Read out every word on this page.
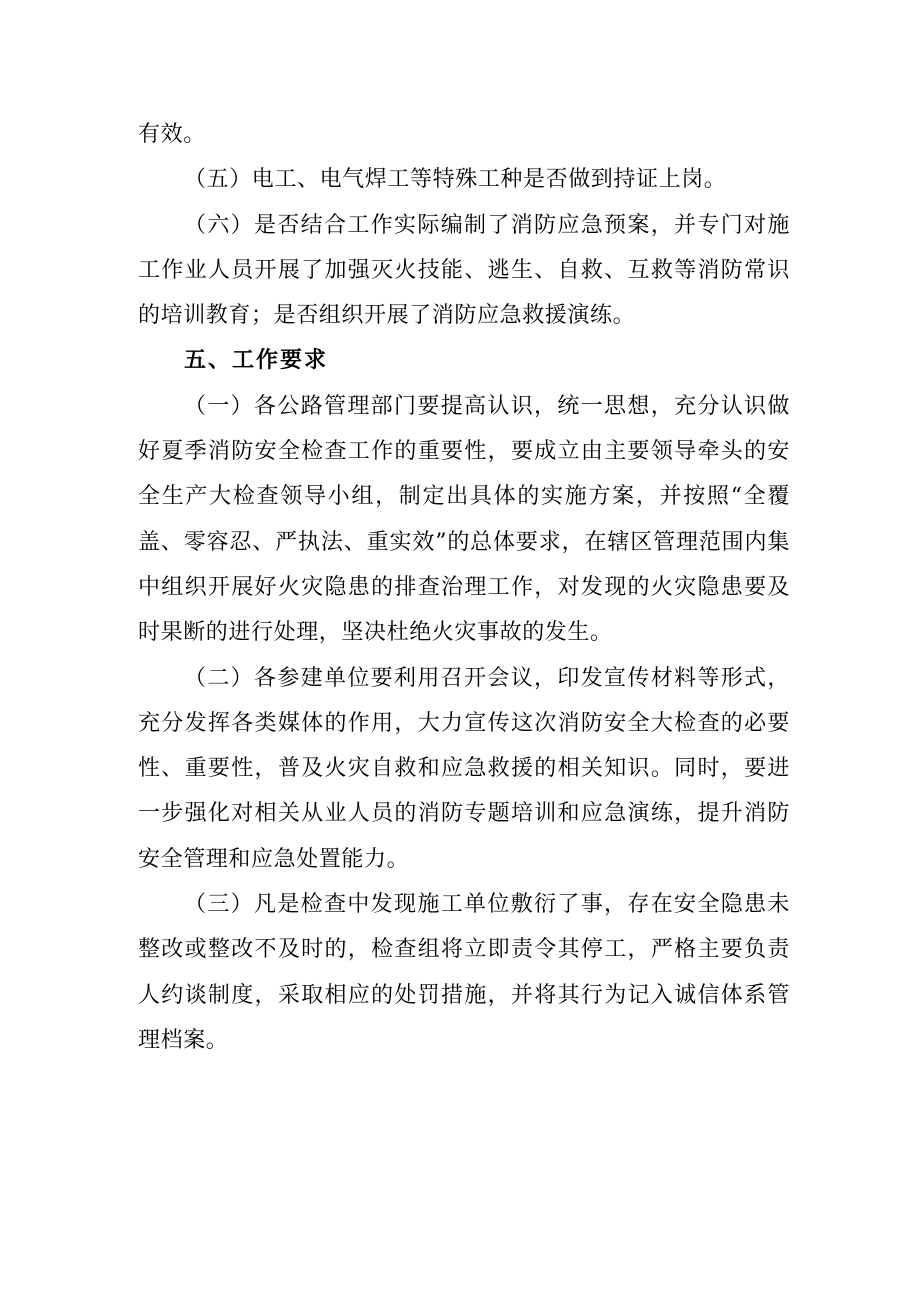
有效。

（五）电工、电气焊工等特殊工种是否做到持证上岗。

（六）是否结合工作实际编制了消防应急预案，并专门对施工作业人员开展了加强灭火技能、逃生、自救、互救等消防常识的培训教育；是否组织开展了消防应急救援演练。

五、工作要求

（一）各公路管理部门要提高认识，统一思想，充分认识做好夏季消防安全检查工作的重要性，要成立由主要领导牵头的安全生产大检查领导小组，制定出具体的实施方案，并按照“全覆盖、零容忍、严执法、重实效”的总体要求，在辖区管理范围内集中组织开展好火灾隐患的排查治理工作，对发现的火灾隐患要及时果断的进行处理，坚决杜绝火灾事故的发生。

（二）各参建单位要利用召开会议，印发宣传材料等形式，充分发挥各类媒体的作用，大力宣传这次消防安全大检查的必要性、重要性，普及火灾自救和应急救援的相关知识。同时，要进一步强化对相关从业人员的消防专题培训和应急演练，提升消防安全管理和应急处置能力。

（三）凡是检查中发现施工单位敷衍了事，存在安全隐患未整改或整改不及时的，检查组将立即责令其停工，严格主要负责人约谈制度，采取相应的处罚措施，并将其行为记入诚信体系管理档案。
